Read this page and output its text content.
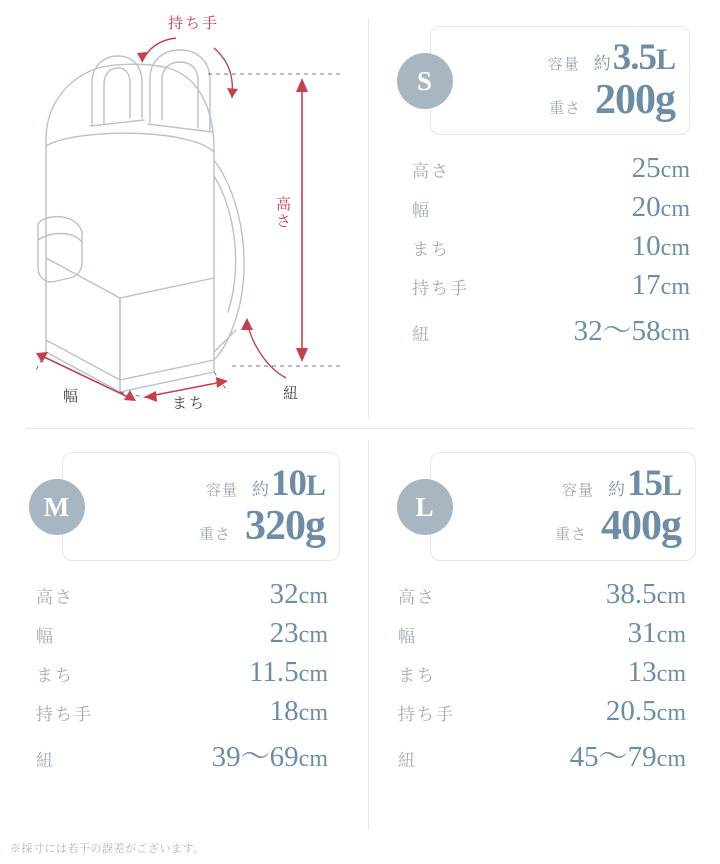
持ち手
高さ
幅	まち
紐
S
容量 約 3.5L
重さ 200g
高さ	25cm
幅	20cm
まち	10cm
持ち手	17cm
紐	32〜58cm
M
容量 約 10L
重さ 320g
高さ	32cm
幅	23cm
まち	11.5cm
持ち手	18cm
紐	39〜69cm
L
容量 約 15L
重さ 400g
高さ	38.5cm
幅	31cm
まち	13cm
持ち手	20.5cm
紐	45〜79cm
※採寸には若干の誤差がございます。
